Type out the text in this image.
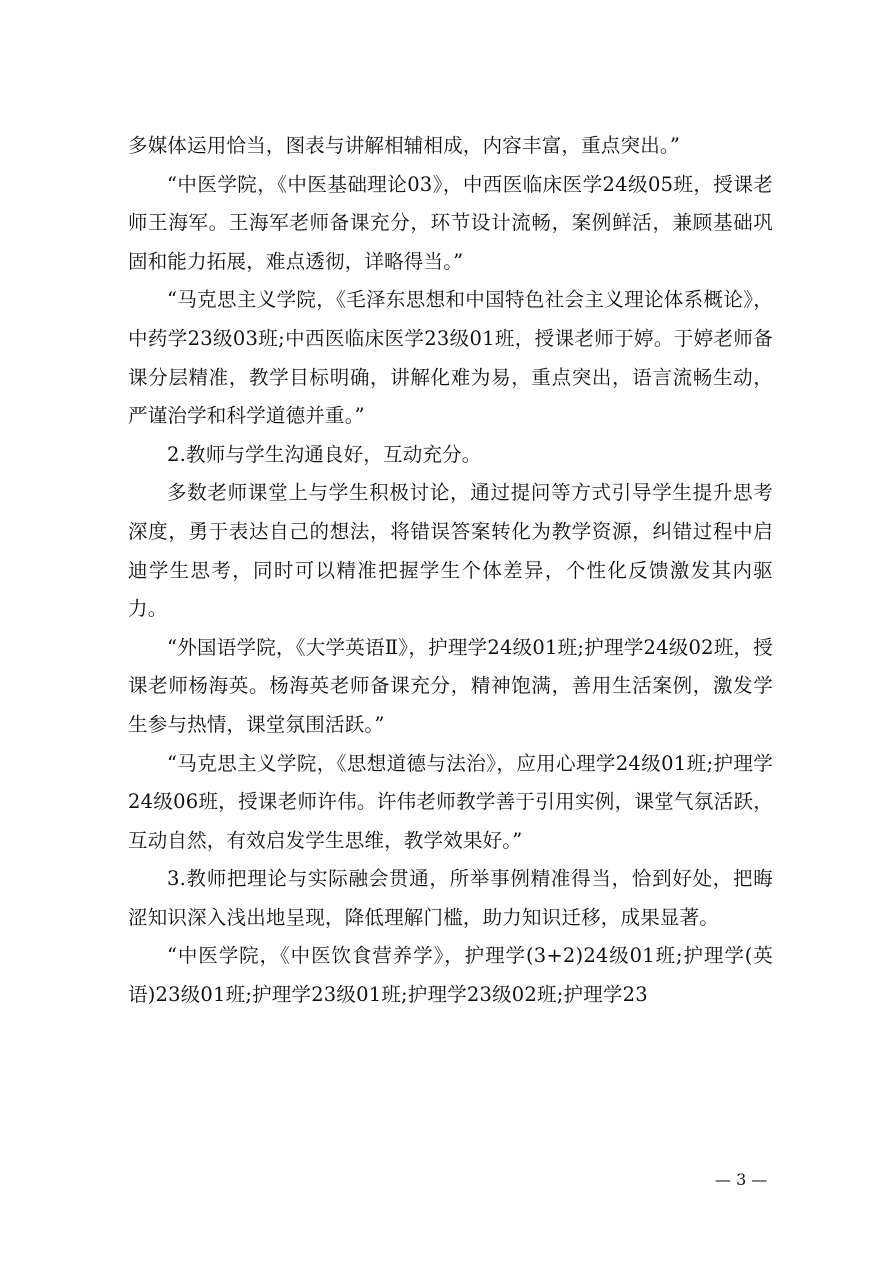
多媒体运用恰当，图表与讲解相辅相成，内容丰富，重点突出。”

“中医学院，《中医基础理论03》，中西医临床医学24级05班，授课老师王海军。王海军老师备课充分，环节设计流畅，案例鲜活，兼顾基础巩固和能力拓展，难点透彻，详略得当。”

“马克思主义学院，《毛泽东思想和中国特色社会主义理论体系概论》，中药学23级03班;中西医临床医学23级01班，授课老师于婷。于婷老师备课分层精准，教学目标明确，讲解化难为易，重点突出，语言流畅生动，严谨治学和科学道德并重。”

2.教师与学生沟通良好，互动充分。

多数老师课堂上与学生积极讨论，通过提问等方式引导学生提升思考深度，勇于表达自己的想法，将错误答案转化为教学资源，纠错过程中启迪学生思考，同时可以精准把握学生个体差异，个性化反馈激发其内驱力。

“外国语学院，《大学英语Ⅱ》，护理学24级01班;护理学24级02班，授课老师杨海英。杨海英老师备课充分，精神饱满，善用生活案例，激发学生参与热情，课堂氛围活跃。”

“马克思主义学院，《思想道德与法治》，应用心理学24级01班;护理学24级06班，授课老师许伟。许伟老师教学善于引用实例，课堂气氛活跃，互动自然，有效启发学生思维，教学效果好。”

3.教师把理论与实际融会贯通，所举事例精准得当，恰到好处，把晦涩知识深入浅出地呈现，降低理解门槛，助力知识迁移，成果显著。

“中医学院，《中医饮食营养学》，护理学(3+2)24级01班;护理学(英语)23级01班;护理学23级01班;护理学23级02班;护理学23

— 3 —
